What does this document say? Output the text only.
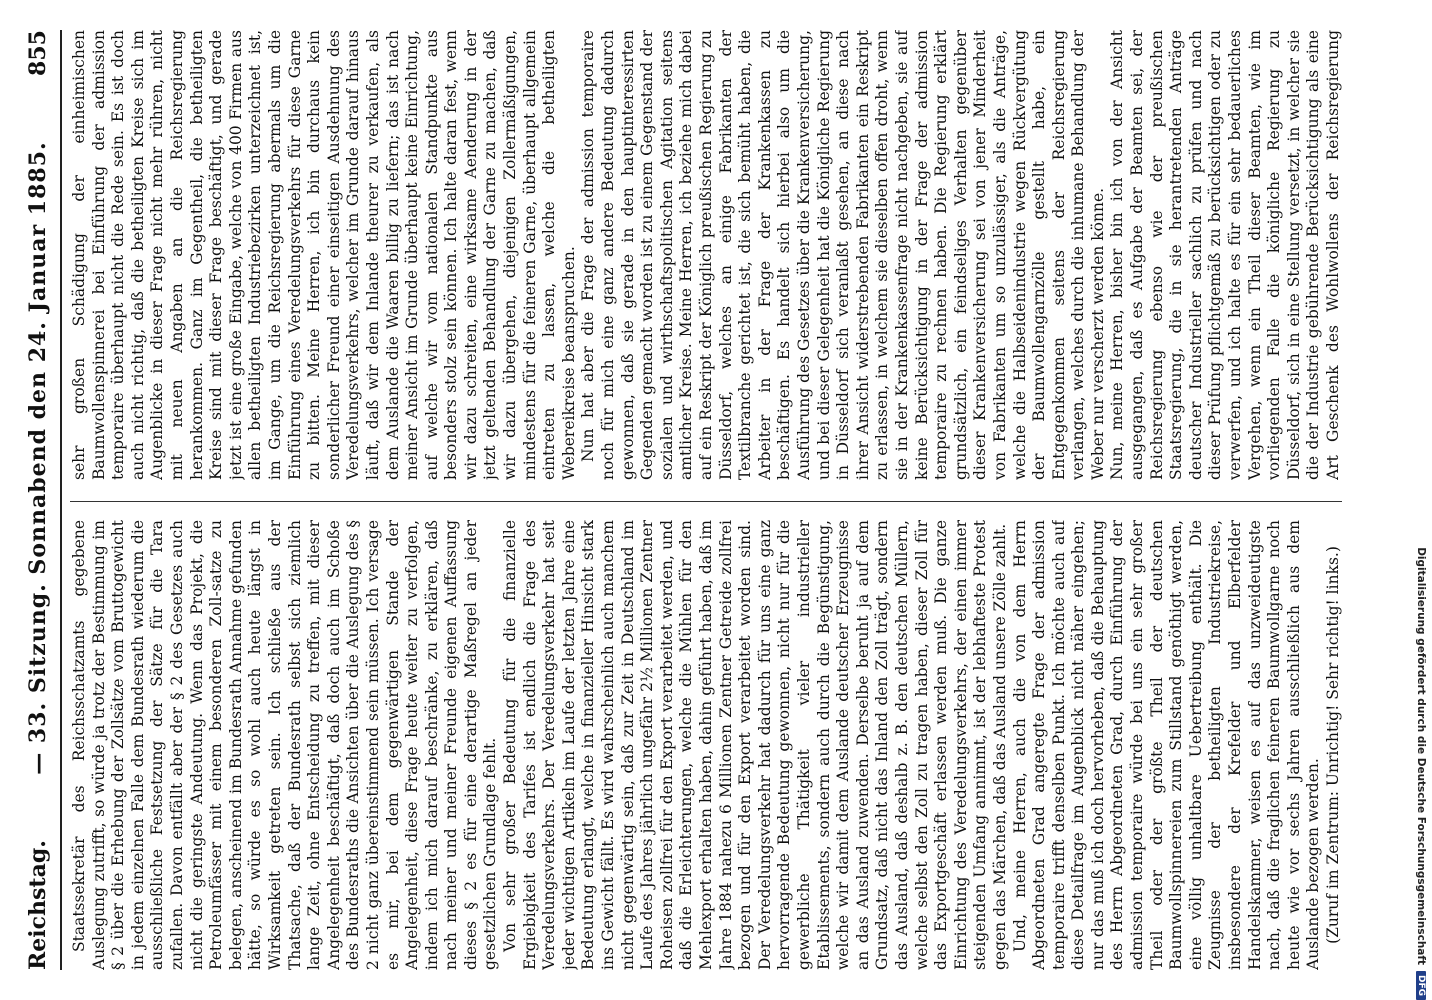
Reichstag.
— 33. Sitzung. Sonnabend den 24. Januar 1885.
855

Staatssekretär des Reichsschatzamts gegebene Auslegung zutrifft, so würde ja trotz der Bestimmung im § 2 über die Erhebung der Zollsätze vom Bruttogewicht in jedem einzelnen Falle dem Bundesrath wiederum die ausschließliche Festsetzung der Sätze für die Tara zufallen. Davon entfällt aber der § 2 des Gesetzes auch nicht die geringste Andeutung. Wenn das Projekt, die Petroleumfässer mit einem besonderen Zoll-satze zu belegen, anscheinend im Bundesrath Annahme gefunden hätte, so würde es so wohl auch heute längst in Wirksamkeit getreten sein. Ich schließe aus der Thatsache, daß der Bundesrath selbst sich ziemlich lange Zeit, ohne Entscheidung zu treffen, mit dieser Angelegenheit beschäftigt, daß doch auch im Schoße des Bundesraths die Ansichten über die Auslegung des § 2 nicht ganz übereinstimmend sein müssen. Ich versage es mir, bei dem gegenwärtigen Stande der Angelegenheit, diese Frage heute weiter zu verfolgen, indem ich mich darauf beschränke, zu erklären, daß nach meiner und meiner Freunde eigenen Auffassung dieses § 2 es für eine derartige Maßregel an jeder gesetzlichen Grundlage fehlt. Von sehr großer Bedeutung für die finanzielle Ergiebigkeit des Tarifes ist endlich die Frage des Veredelungsverkehrs. Der Veredelungsverkehr hat seit jeder wichtigen Artikeln im Laufe der letzten Jahre eine Bedeutung erlangt, welche in finanzieller Hinsicht stark ins Gewicht fällt. Es wird wahrscheinlich auch manchem nicht gegenwärtig sein, daß zur Zeit in Deutschland im Laufe des Jahres jährlich ungefähr 2½ Millionen Zentner Roheisen zollfrei für den Export verarbeitet werden, und daß die Erleichterungen, welche die Mühlen für den Mehlexport erhalten haben, dahin geführt haben, daß im Jahre 1884 nahezu 6 Millionen Zentner Getreide zollfrei bezogen und für den Export verarbeitet worden sind. Der Veredelungsverkehr hat dadurch für uns eine ganz hervorragende Bedeutung gewonnen, nicht nur für die gewerbliche Thätigkeit vieler industrieller Etablissements, sondern auch durch die Begünstigung, welche wir damit dem Auslande deutscher Erzeugnisse an das Ausland zuwenden. Derselbe beruht ja auf dem Grundsatz, daß nicht das Inland den Zoll trägt, sondern das Ausland, daß deshalb z. B. den deutschen Müllern, welche selbst den Zoll zu tragen haben, dieser Zoll für das Exportgeschäft erlassen werden muß. Die ganze Einrichtung des Veredelungsverkehrs, der einen immer steigenden Umfang annimmt, ist der lebhafteste Protest gegen das Märchen, daß das Ausland unsere Zölle zahlt. Und, meine Herren, auch die von dem Herrn Abgeordneten Grad angeregte Frage der admission temporaire trifft denselben Punkt. Ich möchte auch auf diese Detailfrage im Augenblick nicht näher eingehen; nur das muß ich doch hervorheben, daß die Behauptung des Herrn Abgeordneten Grad, durch Einführung der admission temporaire würde bei uns ein sehr großer Theil oder der größte Theil der deutschen Baumwollspinnereien zum Stillstand genöthigt werden, eine völlig unhaltbare Uebertreibung enthält. Die Zeugnisse der betheiligten Industriekreise, insbesondere der Krefelder und Elberfelder Handelskammer, weisen es auf das unzweideutigste nach, daß die fraglichen feineren Baumwollgarne noch heute wie vor sechs Jahren ausschließlich aus dem Auslande bezogen werden. (Zuruf im Zentrum: Unrichtig! Sehr richtig! links.)

sehr großen Schädigung der einheimischen Baumwollenspinnerei bei Einführung der admission temporaire überhaupt nicht die Rede sein. Es ist doch auch nicht richtig, daß die betheiligten Kreise sich im Augenblicke in dieser Frage nicht mehr rühren, nicht mit neuen Angaben an die Reichsregierung herankommen. Ganz im Gegentheil, die betheiligten Kreise sind mit dieser Frage beschäftigt, und gerade jetzt ist eine große Eingabe, welche von 400 Firmen aus allen betheiligten Industriebezirken unterzeichnet ist, im Gange, um die Reichsregierung abermals um die Einführung eines Veredelungsverkehrs für diese Garne zu bitten. Meine Herren, ich bin durchaus kein sonderlicher Freund einer einseitigen Ausdehnung des Veredelungsverkehrs, welcher im Grunde darauf hinaus läuft, daß wir dem Inlande theurer zu verkaufen, als dem Auslande die Waaren billig zu liefern; das ist nach meiner Ansicht im Grunde überhaupt keine Einrichtung, auf welche wir vom nationalen Standpunkte aus besonders stolz sein können. Ich halte daran fest, wenn wir dazu schreiten, eine wirksame Aenderung in der jetzt geltenden Behandlung der Garne zu machen, daß wir dazu übergehen, diejenigen Zollermäßigungen, mindestens für die feineren Garne, überhaupt allgemein eintreten zu lassen, welche die betheiligten Webereikreise beanspruchen. Nun hat aber die Frage der admission temporaire noch für mich eine ganz andere Bedeutung dadurch gewonnen, daß sie gerade in den hauptinteressirten Gegenden gemacht worden ist zu einem Gegenstand der sozialen und wirthschaftspolitischen Agitation seitens amtlicher Kreise. Meine Herren, ich beziehe mich dabei auf ein Reskript der Königlich preußischen Regierung zu Düsseldorf, welches an einige Fabrikanten der Textilbranche gerichtet ist, die sich bemüht haben, die Arbeiter in der Frage der Krankenkassen zu beschäftigen. Es handelt sich hierbei also um die Ausführung des Gesetzes über die Krankenversicherung, und bei dieser Gelegenheit hat die Königliche Regierung in Düsseldorf sich veranlaßt gesehen, an diese nach ihrer Ansicht widerstrebenden Fabrikanten ein Reskript zu erlassen, in welchem sie dieselben offen droht, wenn sie in der Krankenkassenfrage nicht nachgeben, sie auf keine Berücksichtigung in der Frage der admission temporaire zu rechnen haben. Die Regierung erklärt grundsätzlich, ein feindseliges Verhalten gegenüber dieser Krankenversicherung sei von jener Minderheit von Fabrikanten um so unzulässiger, als die Anträge, welche die Halbseidenindustrie wegen Rückvergütung der Baumwollengarnzölle gestellt habe, ein Entgegenkommen seitens der Reichsregierung verlangen, welches durch die inhumane Behandlung der Weber nur verscherzt werden könne. Nun, meine Herren, bisher bin ich von der Ansicht ausgegangen, daß es Aufgabe der Beamten sei, der Reichsregierung ebenso wie der preußischen Staatsregierung, die in sie herantretenden Anträge deutscher Industrieller sachlich zu prüfen und nach dieser Prüfung pflichtgemäß zu berücksichtigen oder zu verwerfen, und ich halte es für ein sehr bedauerliches Vergehen, wenn ein Theil dieser Beamten, wie im vorliegenden Falle die königliche Regierung zu Düsseldorf, sich in eine Stellung versetzt, in welcher sie die der Industrie gebührende Berücksichtigung als eine Art Geschenk des Wohlwollens der Reichsregierung

Digitalisierung gefördert durch die Deutsche Forschungsgemeinschaft
DFG
